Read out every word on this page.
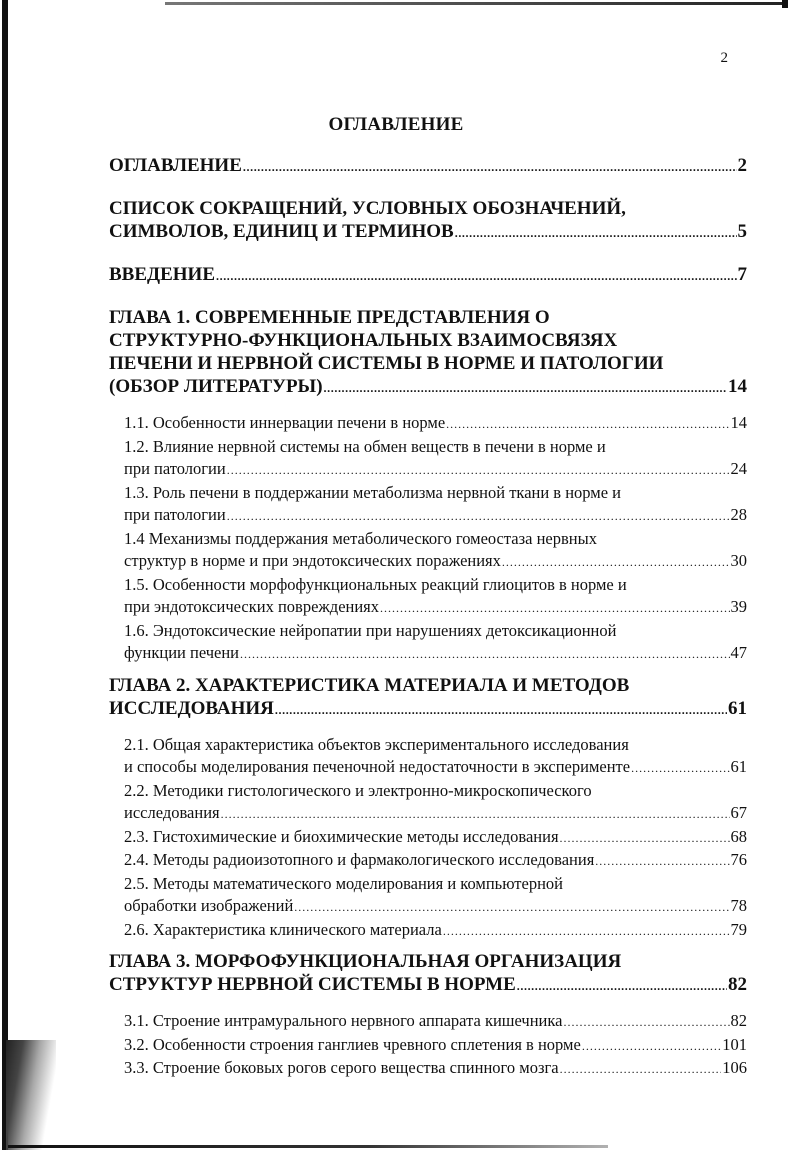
2
ОГЛАВЛЕНИЕ
ОГЛАВЛЕНИЕ .....	2
СПИСОК СОКРАЩЕНИЙ, УСЛОВНЫХ ОБОЗНАЧЕНИЙ,
СИМВОЛОВ, ЕДИНИЦ И ТЕРМИНОВ .....	5
ВВЕДЕНИЕ .....	7
ГЛАВА 1. СОВРЕМЕННЫЕ ПРЕДСТАВЛЕНИЯ О
СТРУКТУРНО-ФУНКЦИОНАЛЬНЫХ ВЗАИМОСВЯЗЯХ
ПЕЧЕНИ И НЕРВНОЙ СИСТЕМЫ В НОРМЕ И ПАТОЛОГИИ
(ОБЗОР ЛИТЕРАТУРЫ) .....	14
1.1. Особенности иннервации печени в норме .....	14
1.2. Влияние нервной системы на обмен веществ в печени в норме и
при патологии .....	24
1.3. Роль печени в поддержании метаболизма нервной ткани в норме и
при патологии .....	28
1.4 Механизмы поддержания метаболического гомеостаза нервных
структур в норме и при эндотоксических поражениях .....	30
1.5. Особенности морфофункциональных реакций глиоцитов в норме и
при эндотоксических повреждениях .....	39
1.6. Эндотоксические нейропатии при нарушениях детоксикационной
функции печени .....	47
ГЛАВА 2. ХАРАКТЕРИСТИКА МАТЕРИАЛА И МЕТОДОВ
ИССЛЕДОВАНИЯ .....	61
2.1. Общая характеристика объектов экспериментального исследования
и способы моделирования печеночной недостаточности в эксперименте .....	61
2.2. Методики гистологического и электронно-микроскопического
исследования .....	67
2.3. Гистохимические и биохимические методы исследования .....	68
2.4. Методы радиоизотопного и фармакологического исследования .....	76
2.5. Методы математического моделирования и компьютерной
обработки изображений .....	78
2.6. Характеристика клинического материала .....	79
ГЛАВА 3. МОРФОФУНКЦИОНАЛЬНАЯ ОРГАНИЗАЦИЯ
СТРУКТУР НЕРВНОЙ СИСТЕМЫ В НОРМЕ .....	82
3.1. Строение интрамурального нервного аппарата кишечника .....	82
3.2. Особенности строения ганглиев чревного сплетения в норме .....	101
3.3. Строение боковых рогов серого вещества спинного мозга .....	106
